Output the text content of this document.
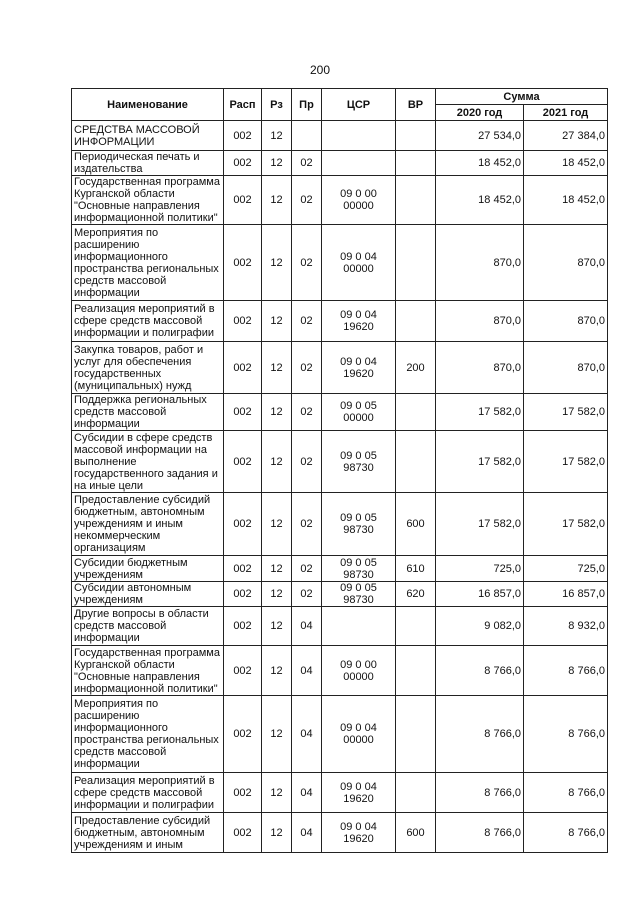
200
Наименование	Расп	Рз	Пр	ЦСР	ВР	Сумма	
						2020 год	2021 год
СРЕДСТВА МАССОВОЙ ИНФОРМАЦИИ	002	12				27 534,0	27 384,0
Периодическая печать и издательства	002	12	02			18 452,0	18 452,0
Государственная программа Курганской области "Основные направления информационной политики"	002	12	02	09 0 00 00000		18 452,0	18 452,0
Мероприятия по расширению информационного пространства региональных средств массовой информации	002	12	02	09 0 04 00000		870,0	870,0
Реализация мероприятий в сфере средств массовой информации и полиграфии	002	12	02	09 0 04 19620		870,0	870,0
Закупка товаров, работ и услуг для обеспечения государственных (муниципальных) нужд	002	12	02	09 0 04 19620	200	870,0	870,0
Поддержка региональных средств массовой информации	002	12	02	09 0 05 00000		17 582,0	17 582,0
Субсидии в сфере средств массовой информации на выполнение государственного задания и на иные цели	002	12	02	09 0 05 98730		17 582,0	17 582,0
Предоставление субсидий бюджетным, автономным учреждениям и иным некоммерческим организациям	002	12	02	09 0 05 98730	600	17 582,0	17 582,0
Субсидии бюджетным учреждениям	002	12	02	09 0 05 98730	610	725,0	725,0
Субсидии автономным учреждениям	002	12	02	09 0 05 98730	620	16 857,0	16 857,0
Другие вопросы в области средств массовой информации	002	12	04			9 082,0	8 932,0
Государственная программа Курганской области "Основные направления информационной политики"	002	12	04	09 0 00 00000		8 766,0	8 766,0
Мероприятия по расширению информационного пространства региональных средств массовой информации	002	12	04	09 0 04 00000		8 766,0	8 766,0
Реализация мероприятий в сфере средств массовой информации и полиграфии	002	12	04	09 0 04 19620		8 766,0	8 766,0
Предоставление субсидий бюджетным, автономным учреждениям и иным	002	12	04	09 0 04 19620	600	8 766,0	8 766,0
